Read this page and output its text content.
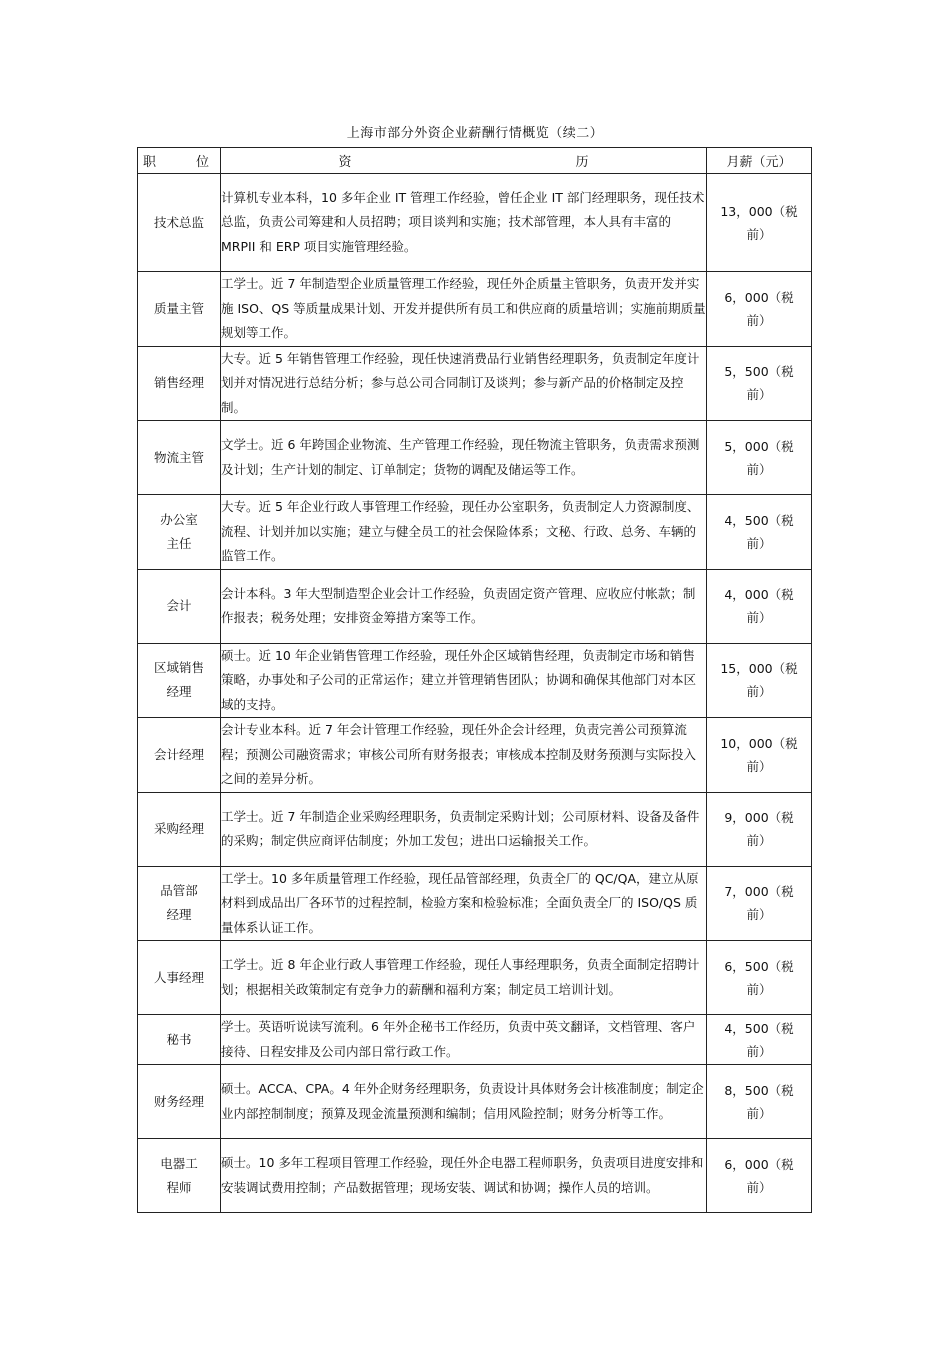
上海市部分外资企业薪酬行情概览（续二）
职位	资历	月薪（元）
技术总监	计算机专业本科，10 多年企业 IT 管理工作经验，曾任企业 IT 部门经理职务，现任技术总监，负责公司筹建和人员招聘；项目谈判和实施；技术部管理，本人具有丰富的 MRPII 和 ERP 项目实施管理经验。	13，000（税前）

质量主管	工学士。近 7 年制造型企业质量管理工作经验，现任外企质量主管职务，负责开发并实施 ISO、QS 等质量成果计划、开发并提供所有员工和供应商的质量培训；实施前期质量规划等工作。	6，000（税前）

销售经理	大专。近 5 年销售管理工作经验，现任快速消费品行业销售经理职务，负责制定年度计划并对情况进行总结分析；参与总公司合同制订及谈判；参与新产品的价格制定及控制。	5，500（税前）

物流主管	文学士。近 6 年跨国企业物流、生产管理工作经验，现任物流主管职务，负责需求预测及计划；生产计划的制定、订单制定；货物的调配及储运等工作。	5，000（税前）

办公室主任	大专。近 5 年企业行政人事管理工作经验，现任办公室职务，负责制定人力资源制度、流程、计划并加以实施；建立与健全员工的社会保险体系；文秘、行政、总务、车辆的监管工作。	4，500（税前）

会计	会计本科。3 年大型制造型企业会计工作经验，负责固定资产管理、应收应付帐款；制作报表；税务处理；安排资金筹措方案等工作。	4，000（税前）

区域销售经理	硕士。近 10 年企业销售管理工作经验，现任外企区域销售经理，负责制定市场和销售策略，办事处和子公司的正常运作；建立并管理销售团队；协调和确保其他部门对本区域的支持。	15，000（税前）

会计经理	会计专业本科。近 7 年会计管理工作经验，现任外企会计经理，负责完善公司预算流程；预测公司融资需求；审核公司所有财务报表；审核成本控制及财务预测与实际投入之间的差异分析。	10，000（税前）

采购经理	工学士。近 7 年制造企业采购经理职务，负责制定采购计划；公司原材料、设备及备件的采购；制定供应商评估制度；外加工发包；进出口运输报关工作。	9，000（税前）

品管部经理	工学士。10 多年质量管理工作经验，现任品管部经理，负责全厂的 QC/QA，建立从原材料到成品出厂各环节的过程控制，检验方案和检验标准；全面负责全厂的 ISO/QS 质量体系认证工作。	7，000（税前）

人事经理	工学士。近 8 年企业行政人事管理工作经验，现任人事经理职务，负责全面制定招聘计划；根据相关政策制定有竞争力的薪酬和福利方案；制定员工培训计划。	6，500（税前）

秘书	学士。英语听说读写流利。6 年外企秘书工作经历，负责中英文翻译，文档管理、客户接待、日程安排及公司内部日常行政工作。	4，500（税前）

财务经理	硕士。ACCA、CPA。4 年外企财务经理职务，负责设计具体财务会计核准制度；制定企业内部控制制度；预算及现金流量预测和编制；信用风险控制；财务分析等工作。	8，500（税前）

电器工程师	硕士。10 多年工程项目管理工作经验，现任外企电器工程师职务，负责项目进度安排和安装调试费用控制；产品数据管理；现场安装、调试和协调；操作人员的培训。	6，000（税前）
